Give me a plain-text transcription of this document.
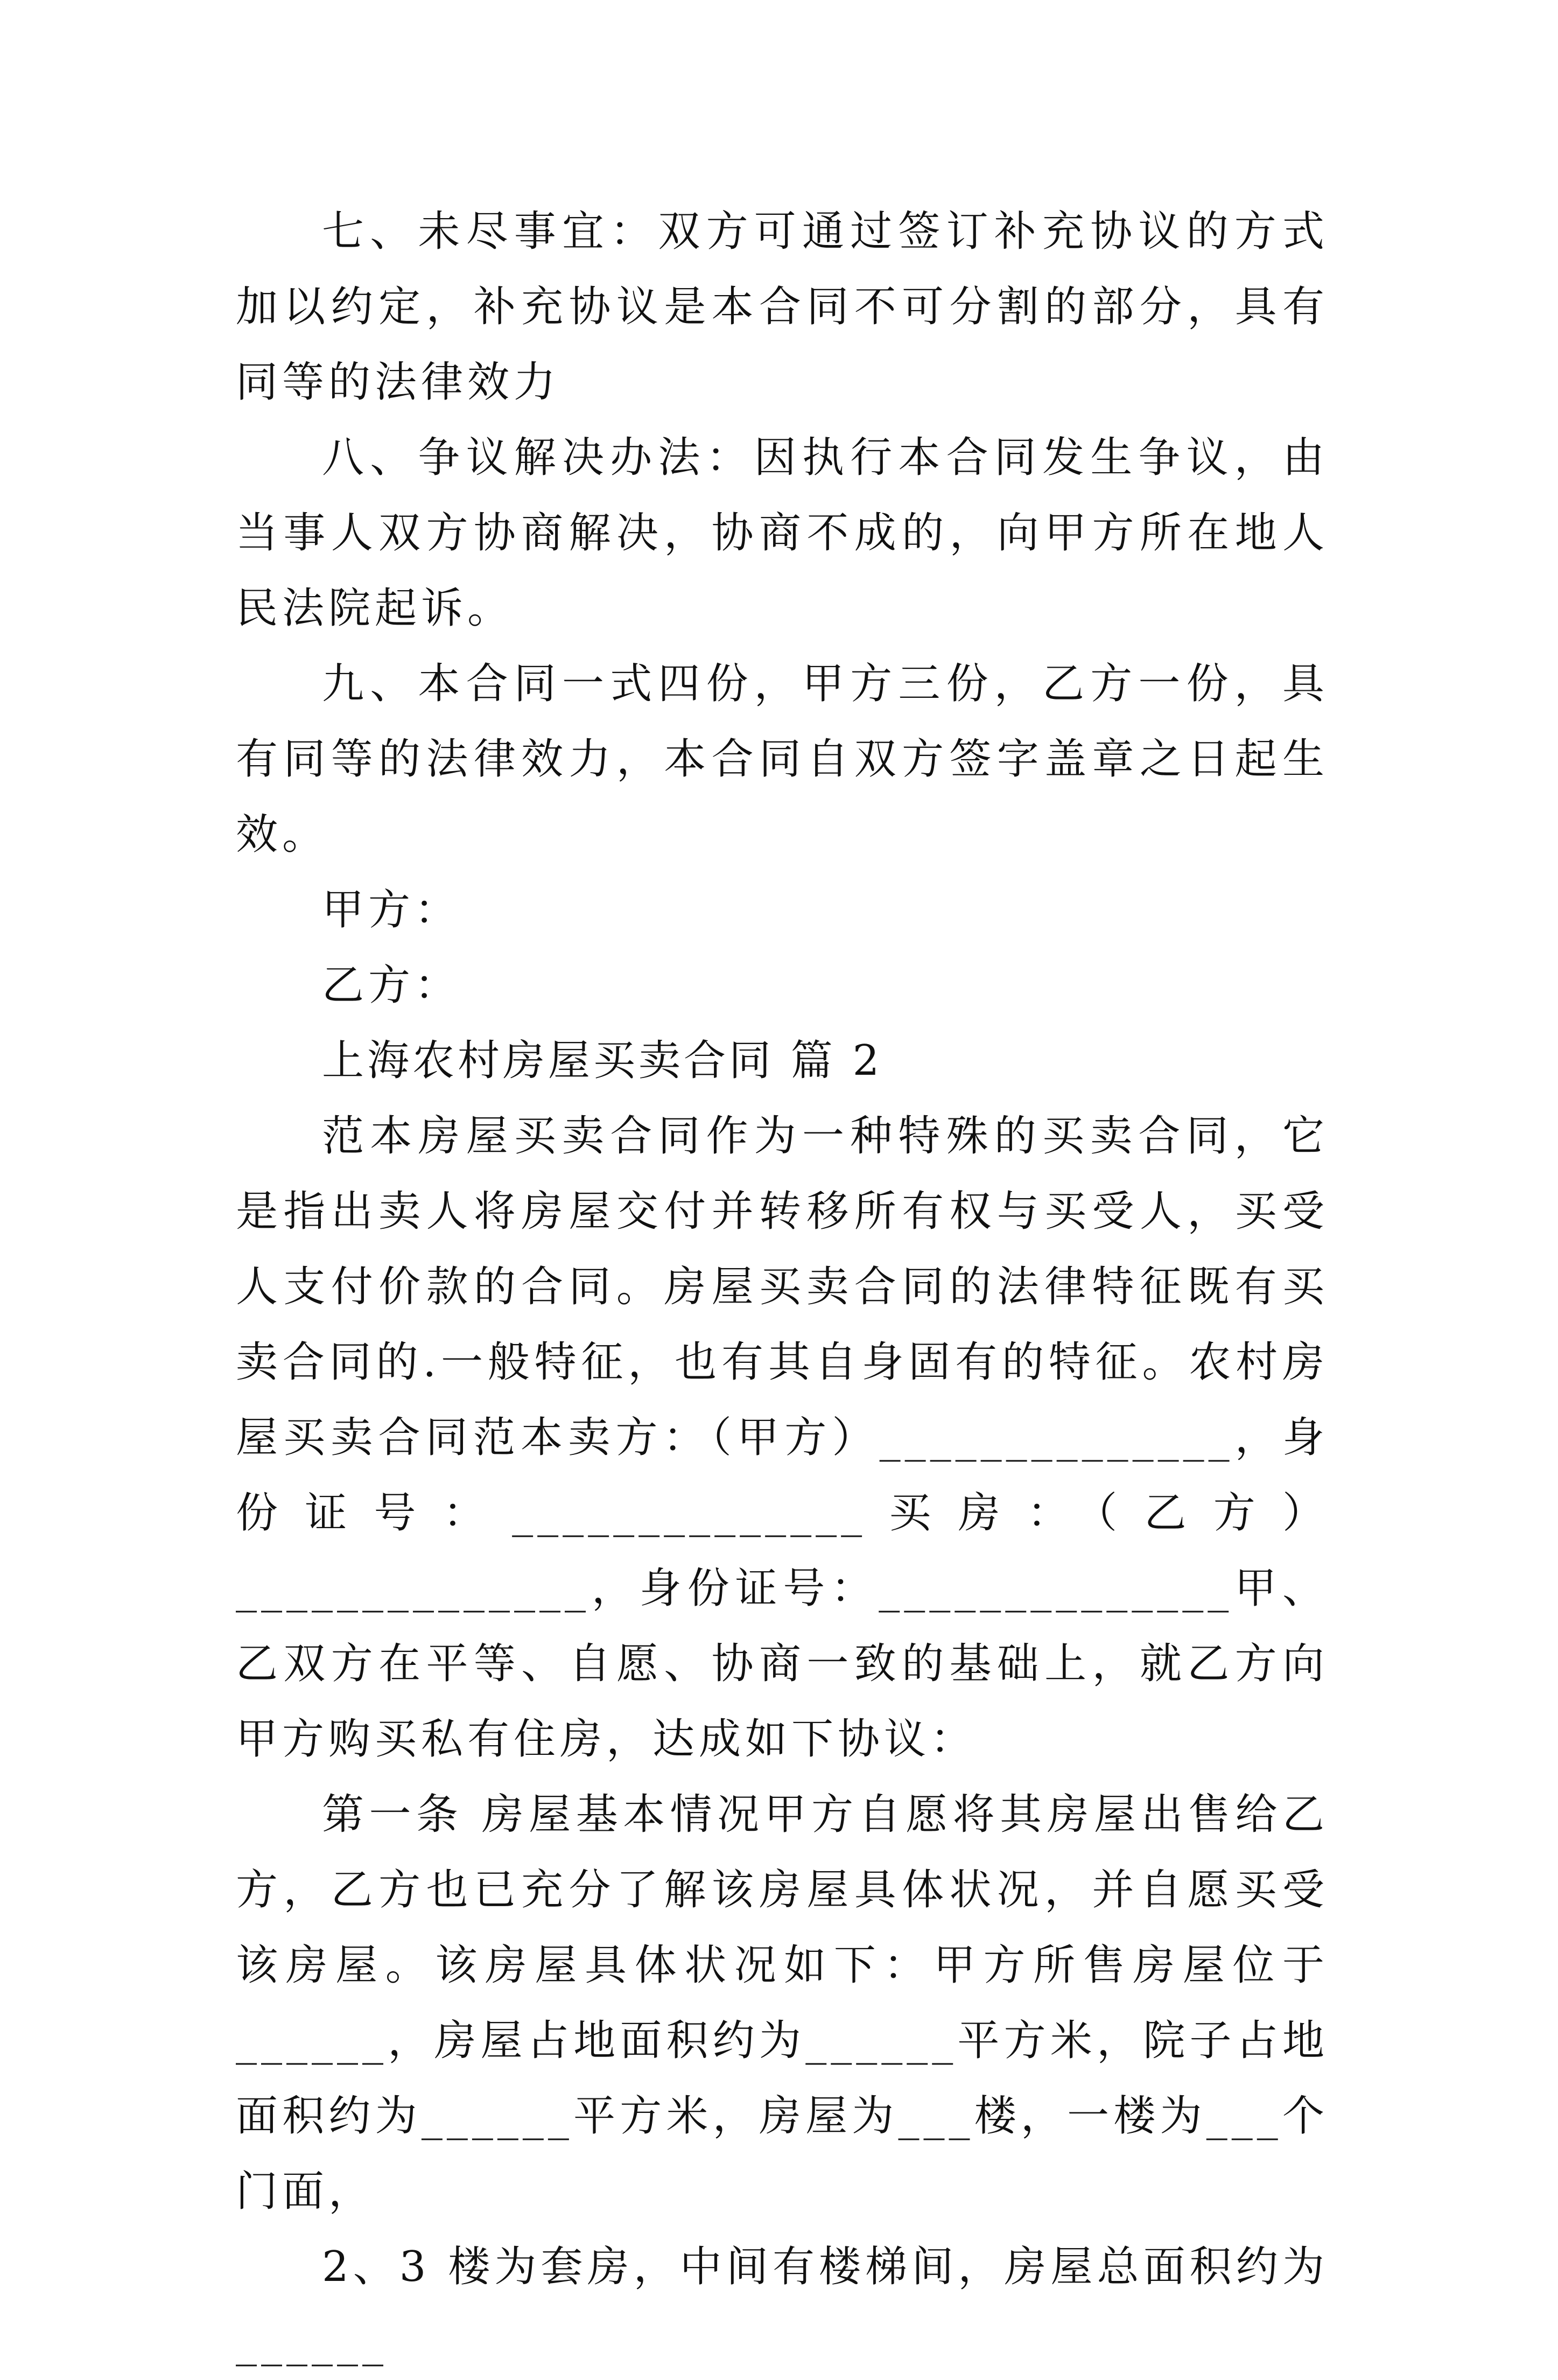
七、未尽事宜：双方可通过签订补充协议的方式加以约定，补充协议是本合同不可分割的部分，具有同等的法律效力

八、争议解决办法：因执行本合同发生争议，由当事人双方协商解决，协商不成的，向甲方所在地人民法院起诉。

九、本合同一式四份，甲方三份，乙方一份，具有同等的法律效力，本合同自双方签字盖章之日起生效。

甲方：

乙方：

上海农村房屋买卖合同 篇 2

范本房屋买卖合同作为一种特殊的买卖合同，它是指出卖人将房屋交付并转移所有权与买受人，买受人支付价款的合同。房屋买卖合同的法律特征既有买卖合同的.一般特征，也有其自身固有的特征。农村房屋买卖合同范本卖方：（甲方）______________，身份证号：______________买房：（乙方）______________，身份证号：______________甲、乙双方在平等、自愿、协商一致的基础上，就乙方向甲方购买私有住房，达成如下协议：

第一条 房屋基本情况甲方自愿将其房屋出售给乙方，乙方也已充分了解该房屋具体状况，并自愿买受该房屋。该房屋具体状况如下：甲方所售房屋位于______，房屋占地面积约为______平方米，院子占地面积约为______平方米，房屋为___楼，一楼为___个门面，

2、3 楼为套房，中间有楼梯间，房屋总面积约为______
